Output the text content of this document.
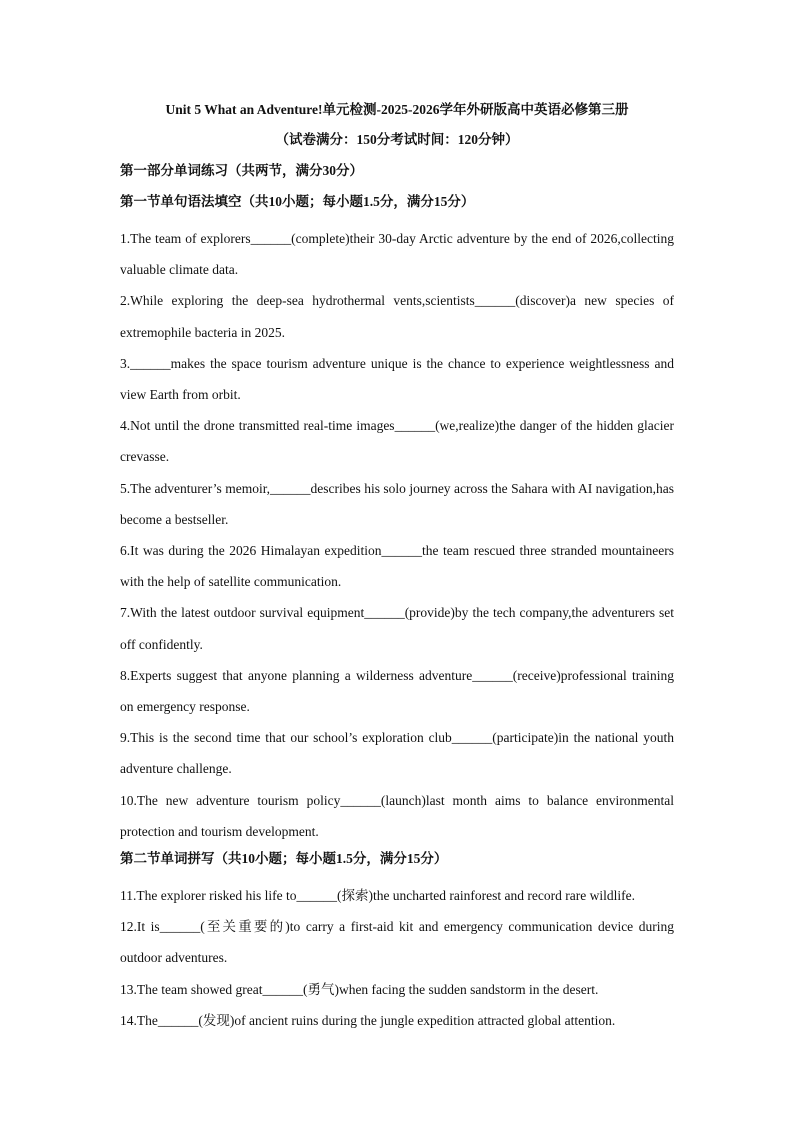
Unit 5 What an Adventure!单元检测-2025-2026学年外研版高中英语必修第三册
（试卷满分：150分考试时间：120分钟）
第一部分单词练习（共两节，满分30分）
第一节单句语法填空（共10小题；每小题1.5分，满分15分）

1.The team of explorers______(complete)their 30-day Arctic adventure by the end of 2026,collecting valuable climate data.

2.While exploring the deep-sea hydrothermal vents,scientists______(discover)a new species of extremophile bacteria in 2025.

3.______makes the space tourism adventure unique is the chance to experience weightlessness and view Earth from orbit.

4.Not until the drone transmitted real-time images______(we,realize)the danger of the hidden glacier crevasse.

5.The adventurer’s memoir,______describes his solo journey across the Sahara with AI navigation,has become a bestseller.

6.It was during the 2026 Himalayan expedition______the team rescued three stranded mountaineers with the help of satellite communication.

7.With the latest outdoor survival equipment______(provide)by the tech company,the adventurers set off confidently.

8.Experts suggest that anyone planning a wilderness adventure______(receive)professional training on emergency response.

9.This is the second time that our school’s exploration club______(participate)in the national youth adventure challenge.

10.The new adventure tourism policy______(launch)last month aims to balance environmental protection and tourism development.

第二节单词拼写（共10小题；每小题1.5分，满分15分）

11.The explorer risked his life to______(探索)the uncharted rainforest and record rare wildlife.

12.It is______(至关重要的)to carry a first-aid kit and emergency communication device during outdoor adventures.

13.The team showed great______(勇气)when facing the sudden sandstorm in the desert.

14.The______(发现)of ancient ruins during the jungle expedition attracted global attention.
